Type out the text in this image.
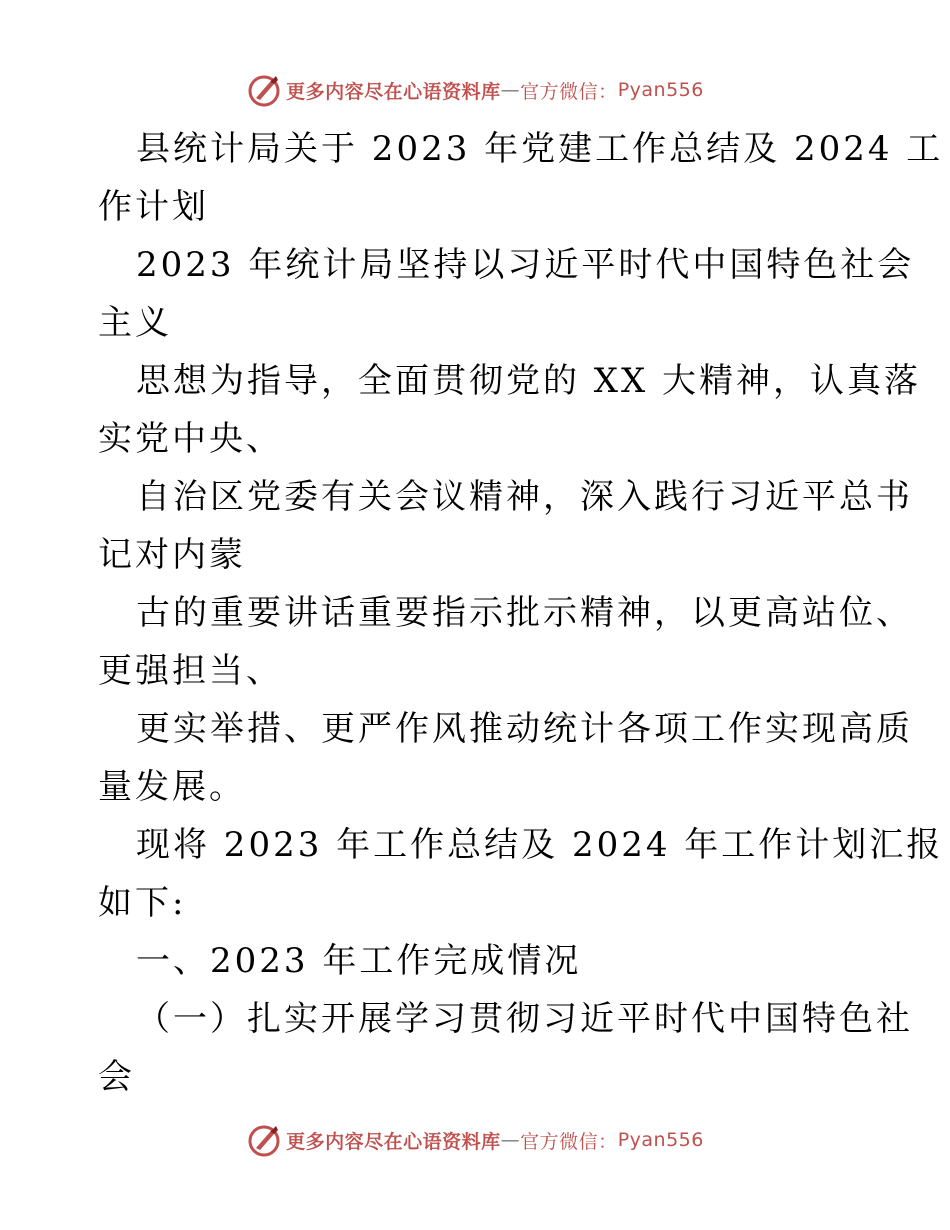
更多内容尽在心语资料库 — 官方微信： Pyan556
县统计局关于 2023 年党建工作总结及 2024 工
作计划
2023 年统计局坚持以习近平时代中国特色社会
主义
思想为指导，全面贯彻党的 XX 大精神，认真落
实党中央、
自治区党委有关会议精神，深入践行习近平总书
记对内蒙
古的重要讲话重要指示批示精神，以更高站位、
更强担当、
更实举措、更严作风推动统计各项工作实现高质
量发展。
现将 2023 年工作总结及 2024 年工作计划汇报
如下:
一、2023 年工作完成情况
（一）扎实开展学习贯彻习近平时代中国特色社
会
更多内容尽在心语资料库 — 官方微信： Pyan556
